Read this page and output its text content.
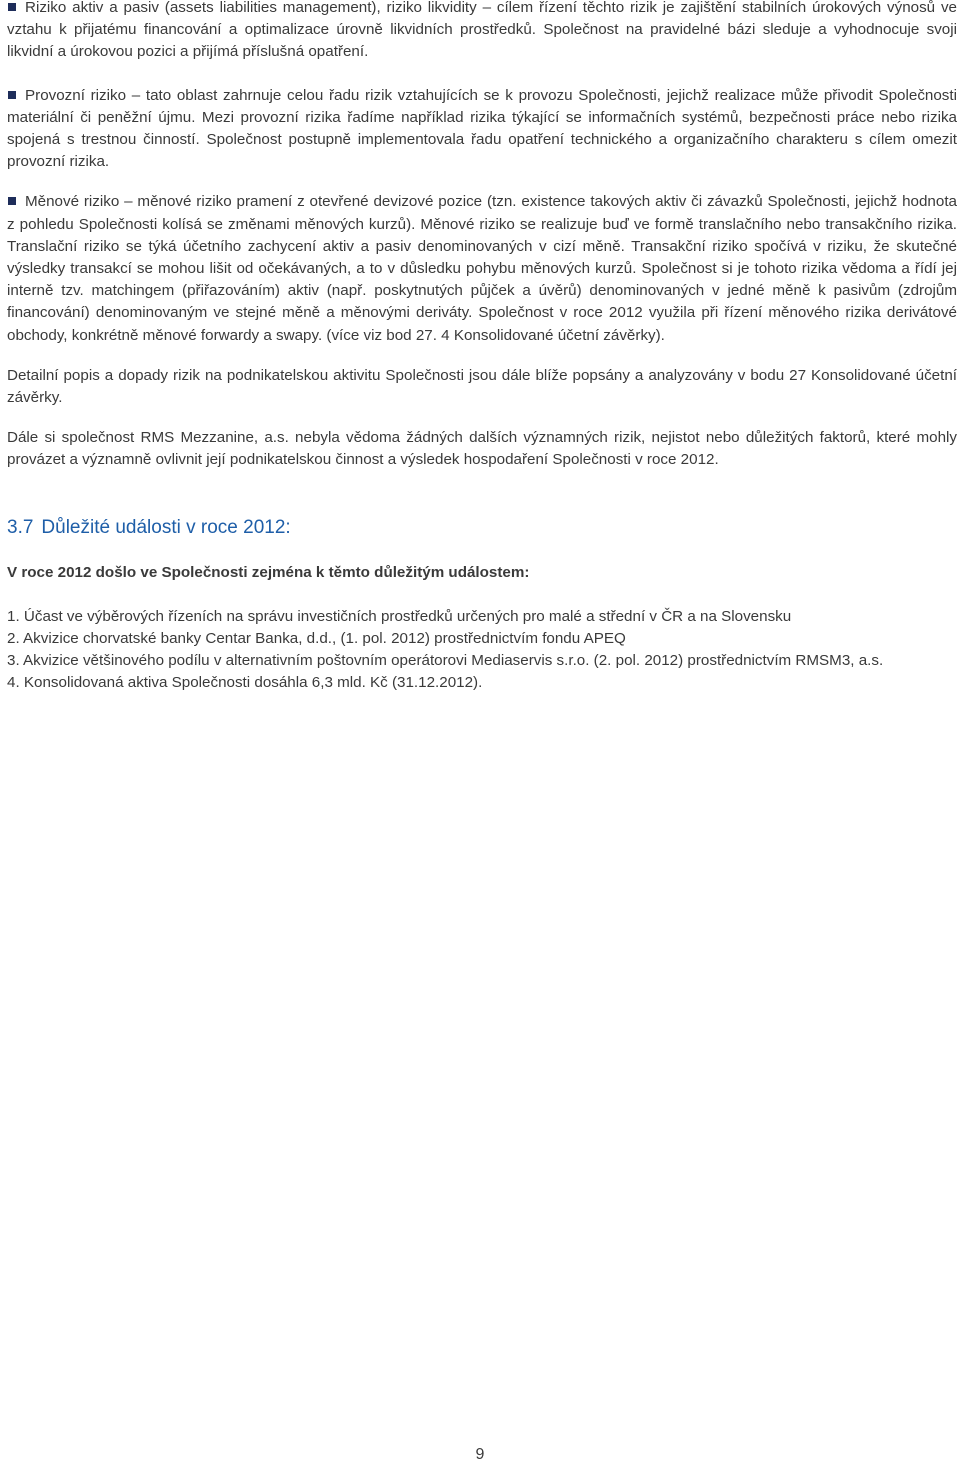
Riziko aktiv a pasiv (assets liabilities management), riziko likvidity – cílem řízení těchto rizik je zajištění stabilních úrokových výnosů ve vztahu k přijatému financování a optimalizace úrovně likvidních prostředků. Společnost na pravidelné bázi sleduje a vyhodnocuje svoji likvidní a úrokovou pozici a přijímá příslušná opatření.

Provozní riziko – tato oblast zahrnuje celou řadu rizik vztahujících se k provozu Společnosti, jejichž realizace může přivodit Společnosti materiální či peněžní újmu. Mezi provozní rizika řadíme například rizika týkající se informačních systémů, bezpečnosti práce nebo rizika spojená s trestnou činností. Společnost postupně implementovala řadu opatření technického a organizačního charakteru s cílem omezit provozní rizika.

Měnové riziko – měnové riziko pramení z otevřené devizové pozice (tzn. existence takových aktiv či závazků Společnosti, jejichž hodnota z pohledu Společnosti kolísá se změnami měnových kurzů). Měnové riziko se realizuje buď ve formě translačního nebo transakčního rizika. Translační riziko se týká účetního zachycení aktiv a pasiv denominovaných v cizí měně. Transakční riziko spočívá v riziku, že skutečné výsledky transakcí se mohou lišit od očekávaných, a to v důsledku pohybu měnových kurzů. Společnost si je tohoto rizika vědoma a řídí jej interně tzv. matchingem (přiřazováním) aktiv (např. poskytnutých půjček a úvěrů) denominovaných v jedné měně k pasivům (zdrojům financování) denominovaným ve stejné měně a měnovými deriváty. Společnost v roce 2012 využila při řízení měnového rizika derivátové obchody, konkrétně měnové forwardy a swapy. (více viz bod 27. 4 Konsolidované účetní závěrky).

Detailní popis a dopady rizik na podnikatelskou aktivitu Společnosti jsou dále blíže popsány a analyzovány v bodu 27 Konsolidované účetní závěrky.

Dále si společnost RMS Mezzanine, a.s. nebyla vědoma žádných dalších významných rizik, nejistot nebo důležitých faktorů, které mohly provázet a významně ovlivnit její podnikatelskou činnost a výsledek hospodaření Společnosti v roce 2012.

3.7 Důležité události v roce 2012:

V roce 2012 došlo ve Společnosti zejména k těmto důležitým událostem:

1. Účast ve výběrových řízeních na správu investičních prostředků určených pro malé a střední v ČR a na Slovensku
2. Akvizice chorvatské banky Centar Banka, d.d., (1. pol. 2012) prostřednictvím fondu APEQ
3. Akvizice většinového podílu v alternativním poštovním operátorovi Mediaservis s.r.o. (2. pol. 2012) prostřednictvím RMSM3, a.s.
4. Konsolidovaná aktiva Společnosti dosáhla 6,3 mld. Kč (31.12.2012).
9
